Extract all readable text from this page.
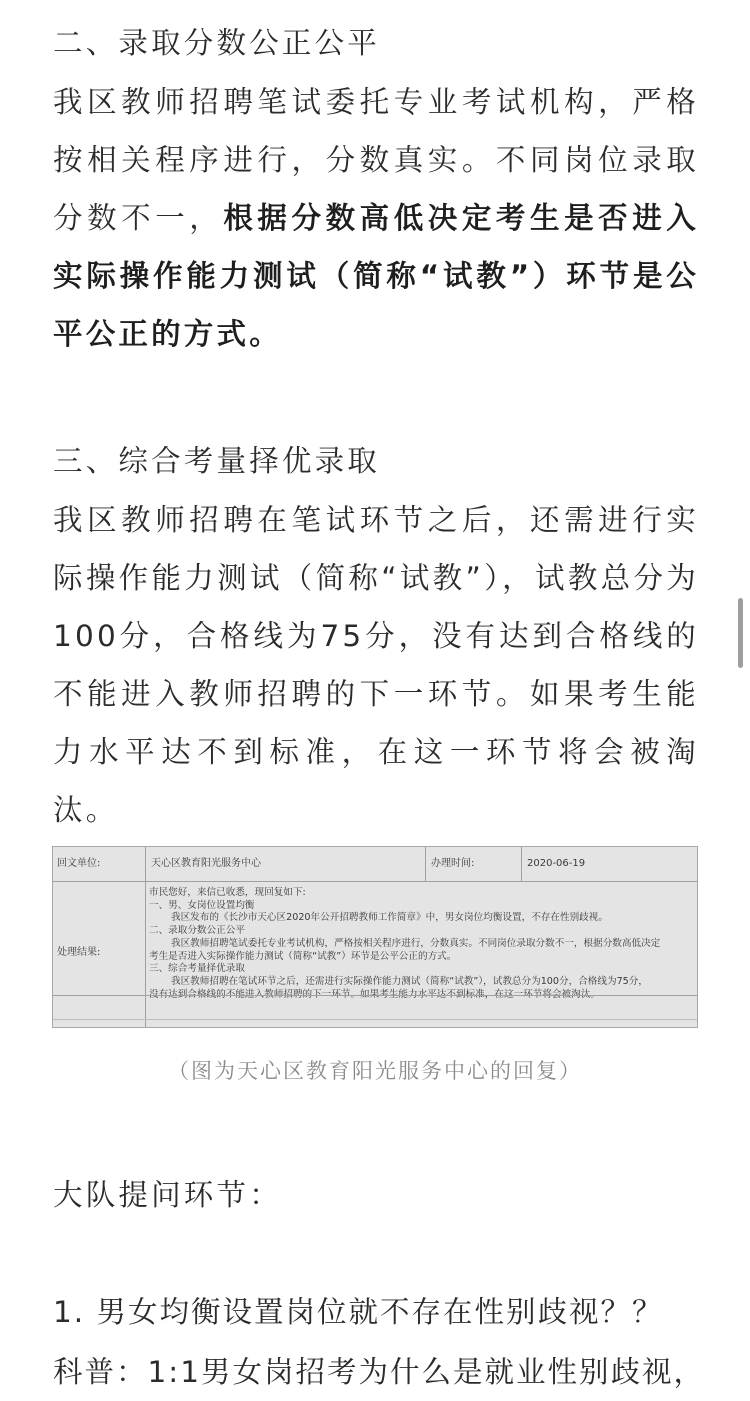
二、录取分数公正公平

我区教师招聘笔试委托专业考试机构，严格按相关程序进行，分数真实。不同岗位录取分数不一，根据分数高低决定考生是否进入实际操作能力测试（简称“试教”）环节是公平公正的方式。

三、综合考量择优录取

我区教师招聘在笔试环节之后，还需进行实际操作能力测试（简称“试教”），试教总分为100分，合格线为75分，没有达到合格线的不能进入教师招聘的下一环节。如果考生能力水平达不到标准，在这一环节将会被淘汰。

回文单位:	天心区教育阳光服务中心	办理时间:	2020-06-19
处理结果:
市民您好，来信已收悉，现回复如下:
一、男、女岗位设置均衡
我区发布的《长沙市天心区2020年公开招聘教师工作简章》中，男女岗位均衡设置，不存在性别歧视。
二、录取分数公正公平
我区教师招聘笔试委托专业考试机构，严格按相关程序进行，分数真实。不同岗位录取分数不一，根据分数高低决定
考生是否进入实际操作能力测试（简称“试教”）环节是公平公正的方式。
三、综合考量择优录取
我区教师招聘在笔试环节之后，还需进行实际操作能力测试（简称“试教”），试教总分为100分，合格线为75分，
（图为天心区教育阳光服务中心的回复）
大队提问环节：
1. 男女均衡设置岗位就不存在性别歧视？？
科普：1:1男女岗招考为什么是就业性别歧视，
